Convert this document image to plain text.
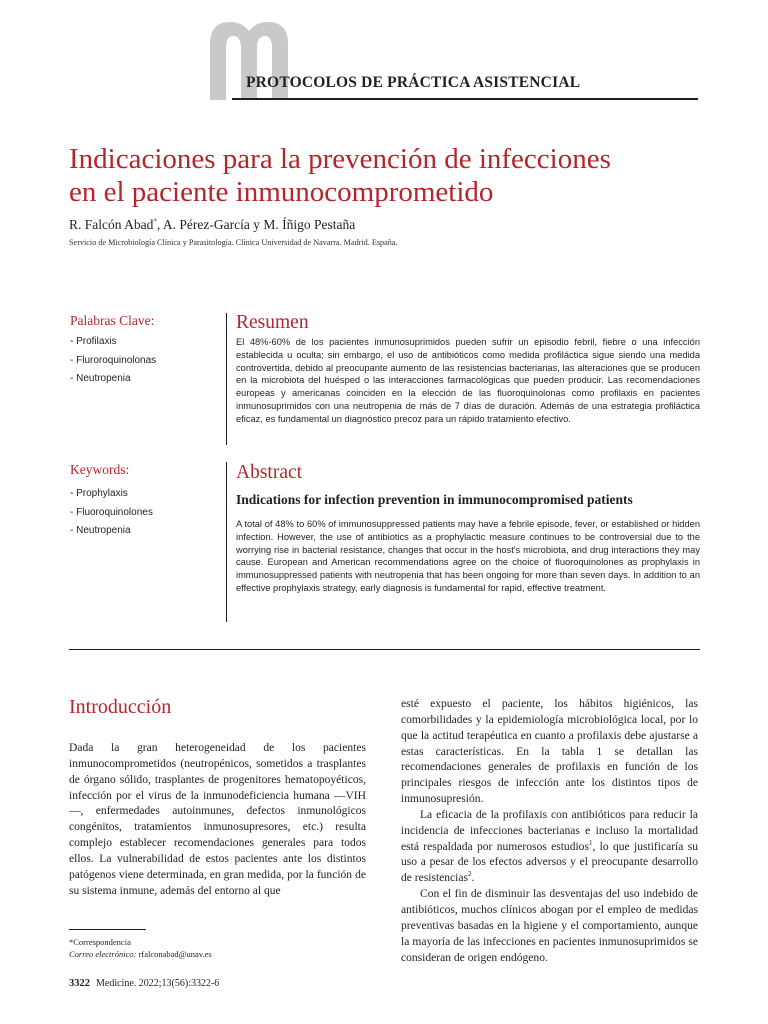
PROTOCOLOS DE PRÁCTICA ASISTENCIAL
Indicaciones para la prevención de infecciones
en el paciente inmunocomprometido
R. Falcón Abad*, A. Pérez-García y M. Íñigo Pestaña
Servicio de Microbiología Clínica y Parasitología. Clínica Universidad de Navarra. Madrid. España.
Palabras Clave:
- Profilaxis
- Fluroroquinolonas
- Neutropenia
Resumen

El 48%-60% de los pacientes inmunosuprimidos pueden sufrir un episodio febril, fiebre o una infección establecida u oculta; sin embargo, el uso de antibióticos como medida profiláctica sigue siendo una medida controvertida, debido al preocupante aumento de las resistencias bacterianas, las alteraciones que se producen en la microbiota del huésped o las interacciones farmacológicas que pueden producir. Las recomendaciones europeas y americanas coinciden en la elección de las fluoroquinolonas como profilaxis en pacientes inmunosuprimidos con una neutropenia de más de 7 días de duración. Además de una estrategia profiláctica eficaz, es fundamental un diagnóstico precoz para un rápido tratamiento efectivo.

Keywords:
- Prophylaxis
- Fluoroquinolones
- Neutropenia
Abstract
Indications for infection prevention in immunocompromised patients

A total of 48% to 60% of immunosuppressed patients may have a febrile episode, fever, or established or hidden infection. However, the use of antibiotics as a prophylactic measure continues to be controversial due to the worrying rise in bacterial resistance, changes that occur in the host's microbiota, and drug interactions they may cause. European and American recommendations agree on the choice of fluoroquinolones as prophylaxis in immunosuppressed patients with neutropenia that has been ongoing for more than seven days. In addition to an effective prophylaxis strategy, early diagnosis is fundamental for rapid, effective treatment.

Introducción

Dada la gran heterogeneidad de los pacientes inmunocomprometidos (neutropénicos, sometidos a trasplantes de órgano sólido, trasplantes de progenitores hematopoyéticos, infección por el virus de la inmunodeficiencia humana —VIH—, enfermedades autoinmunes, defectos inmunológicos congénitos, tratamientos inmunosupresores, etc.) resulta complejo establecer recomendaciones generales para todos ellos. La vulnerabilidad de estos pacientes ante los distintos patógenos viene determinada, en gran medida, por la función de su sistema inmune, además del entorno al que

esté expuesto el paciente, los hábitos higiénicos, las comorbilidades y la epidemiología microbiológica local, por lo que la actitud terapéutica en cuanto a profilaxis debe ajustarse a estas características. En la tabla 1 se detallan las recomendaciones generales de profilaxis en función de los principales riesgos de infección ante los distintos tipos de inmunosupresión.

La eficacia de la profilaxis con antibióticos para reducir la incidencia de infecciones bacterianas e incluso la mortalidad está respaldada por numerosos estudios$^1$, lo que justificaría su uso a pesar de los efectos adversos y el preocupante desarrollo de resistencias$^2$.

Con el fin de disminuir las desventajas del uso indebido de antibióticos, muchos clínicos abogan por el empleo de medidas preventivas basadas en la higiene y el comportamiento, aunque la mayoría de las infecciones en pacientes inmunosuprimidos se consideran de origen endógeno.

*Correspondencia
Correo electrónico: rfalconabad@unav.es
3322 Medicine. 2022;13(56):3322-6
